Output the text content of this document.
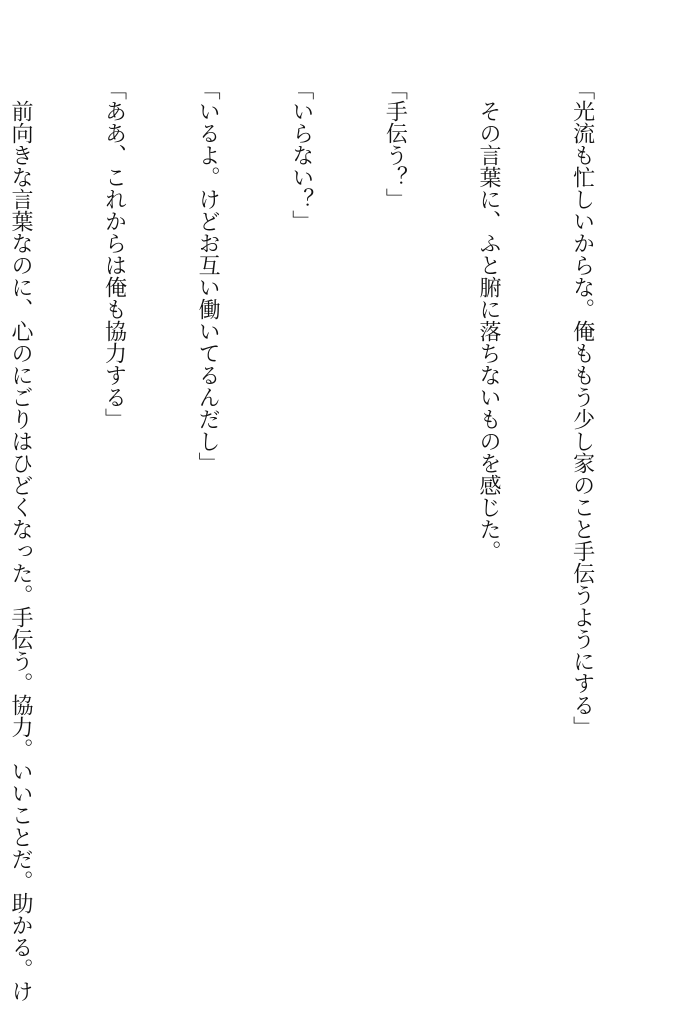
「光流も忙しいからな。俺ももう少し家のこと手伝うようにする」

　その言葉に、ふと腑に落ちないものを感じた。

「手伝う？」

「いらない？」

「いるよ。けどお互い働いてるんだし」

「ああ、これからは俺も協力する」

　前向きな言葉なのに、心のにごりはひどくなった。手伝う。協力。いいことだ。助かる。け
